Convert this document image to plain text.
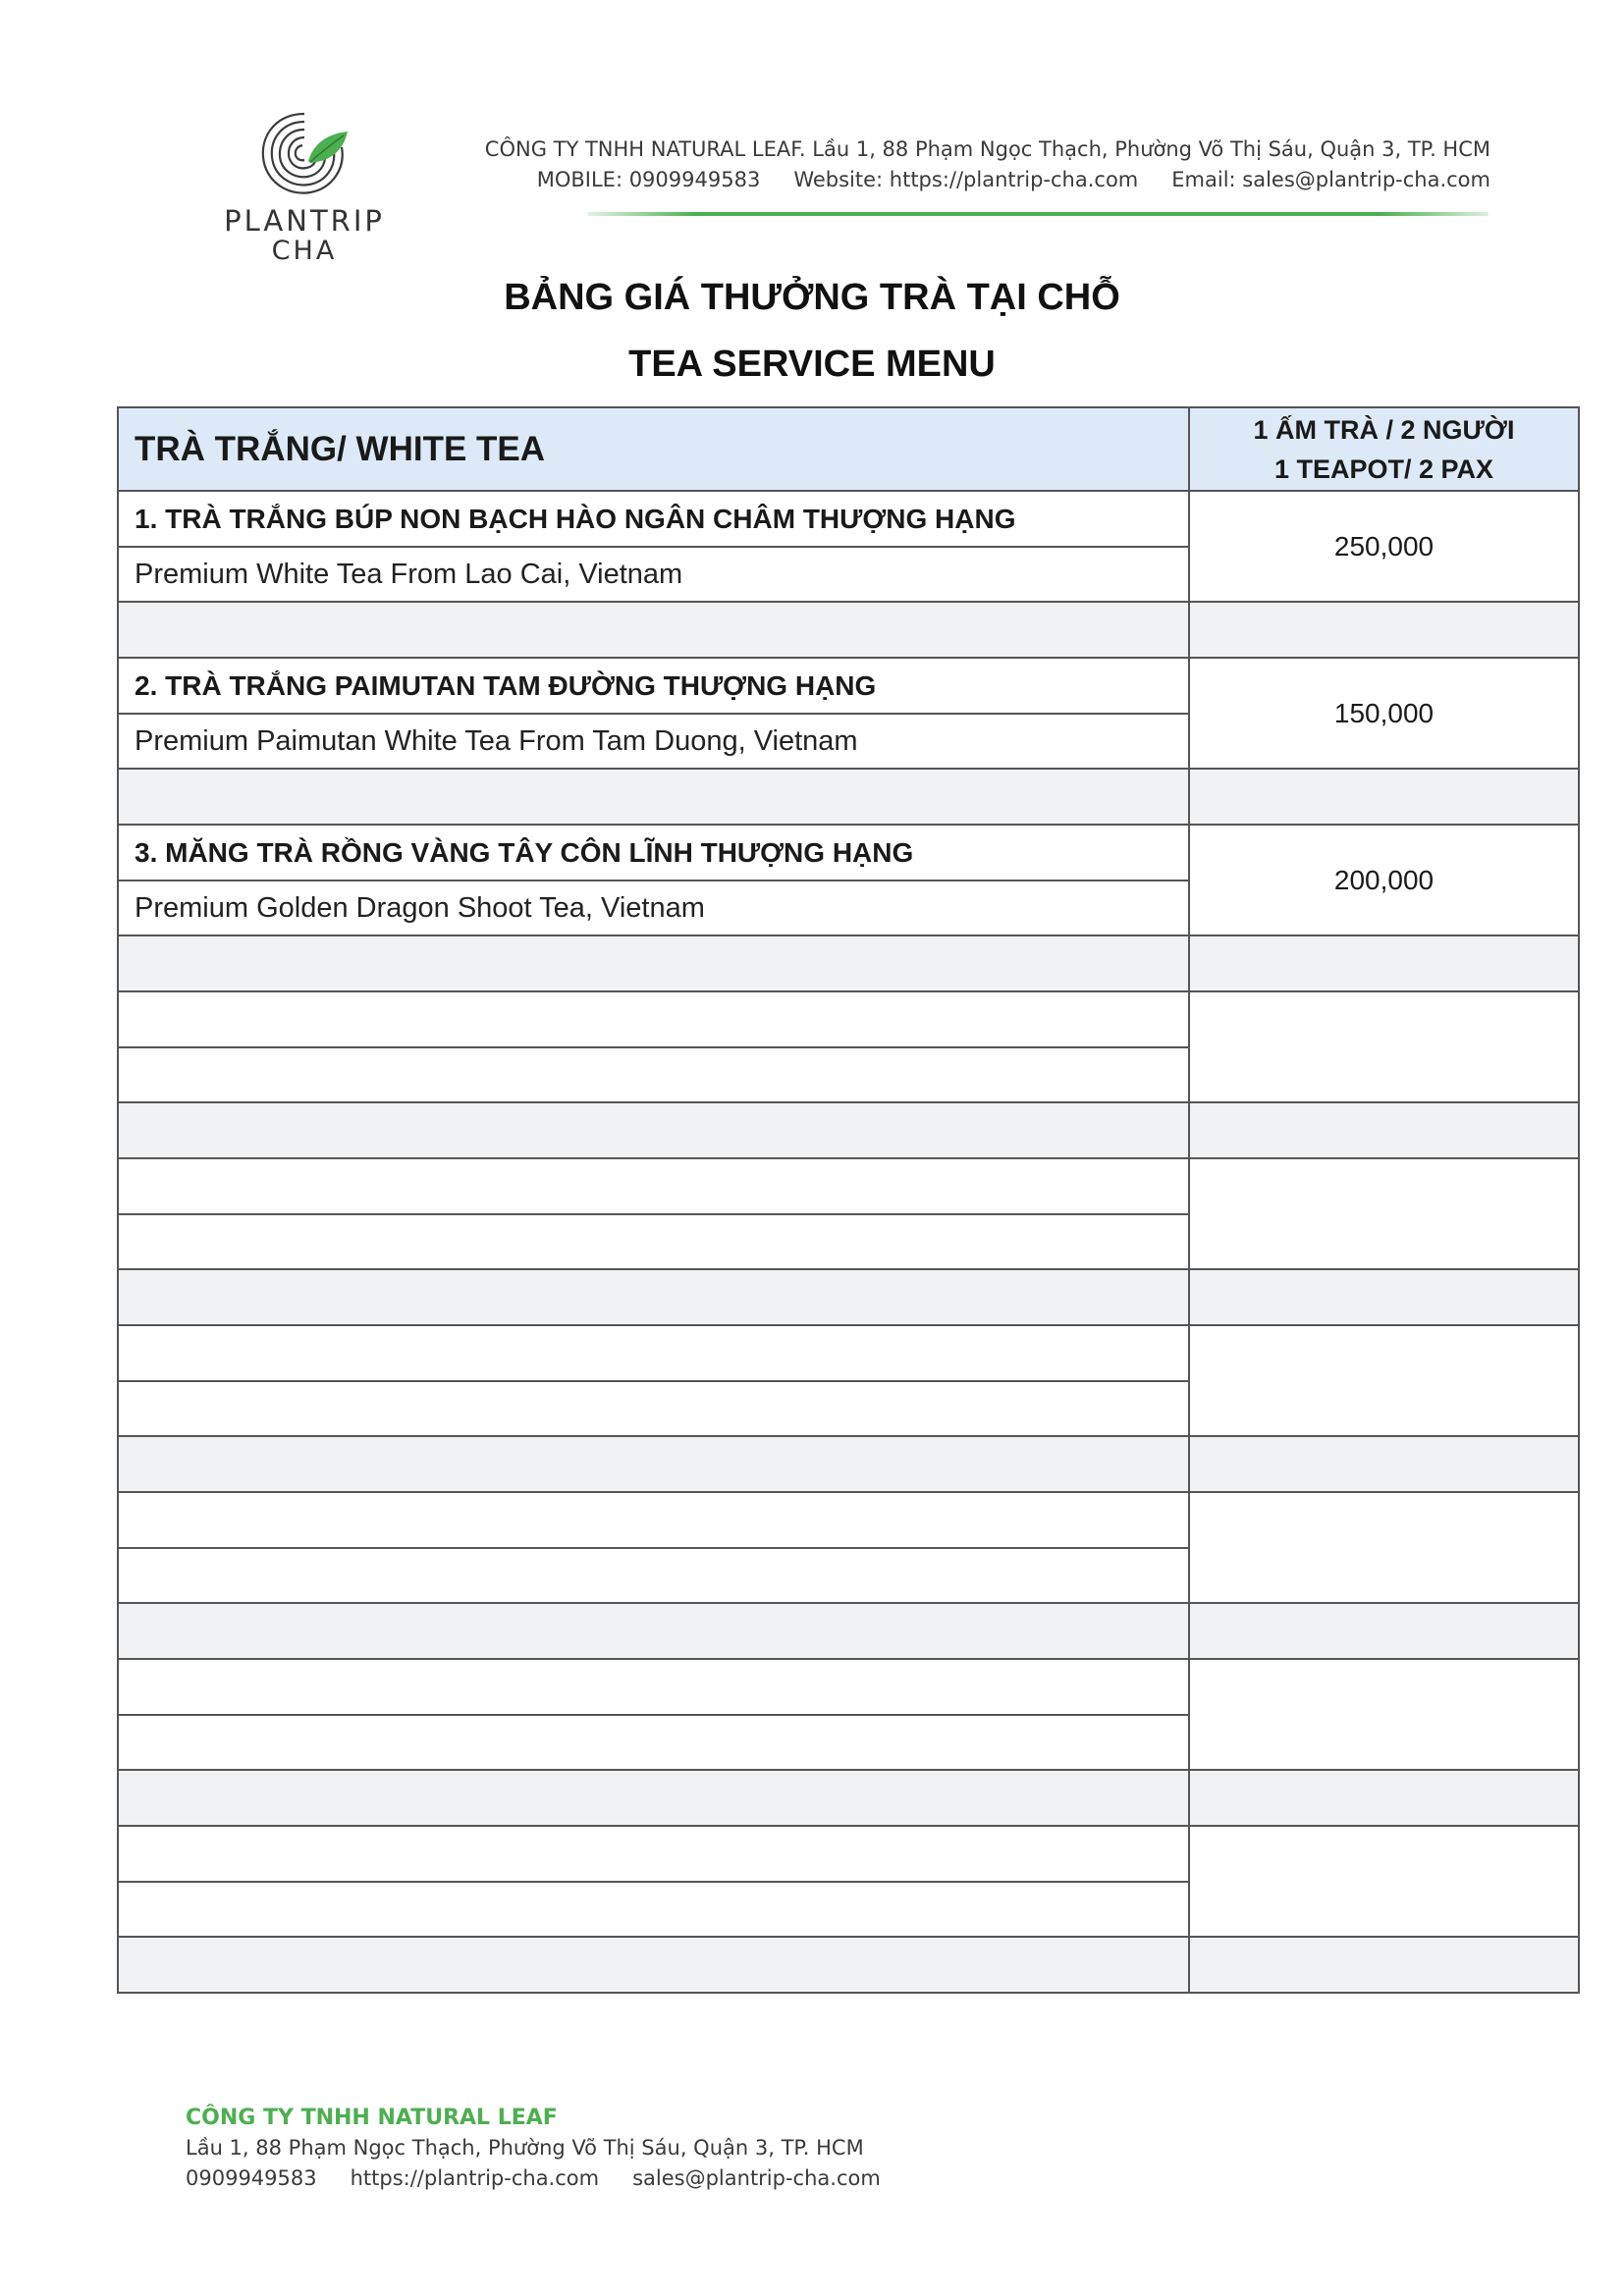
PLANTRIP
CHA
CÔNG TY TNHH NATURAL LEAF. Lầu 1, 88 Phạm Ngọc Thạch, Phường Võ Thị Sáu, Quận 3, TP. HCM
MOBILE: 0909949583 Website: https://plantrip-cha.com Email: sales@plantrip-cha.com
BẢNG GIÁ THƯỞNG TRÀ TẠI CHỖ
TEA SERVICE MENU
TRÀ TRẮNG/ WHITE TEA	1 ẤM TRÀ / 2 NGƯỜI
1 TEAPOT/ 2 PAX

1. TRÀ TRẮNG BÚP NON BẠCH HÀO NGÂN CHÂM THƯỢNG HẠNG	250,000
Premium White Tea From Lao Cai, Vietnam	

2. TRÀ TRẮNG PAIMUTAN TAM ĐƯỜNG THƯỢNG HẠNG	150,000
Premium Paimutan White Tea From Tam Duong, Vietnam	

3. MĂNG TRÀ RỒNG VÀNG TÂY CÔN LĨNH THƯỢNG HẠNG	200,000
Premium Golden Dragon Shoot Tea, Vietnam	

CÔNG TY TNHH NATURAL LEAF
Lầu 1, 88 Phạm Ngọc Thạch, Phường Võ Thị Sáu, Quận 3, TP. HCM
0909949583 https://plantrip-cha.com sales@plantrip-cha.com
